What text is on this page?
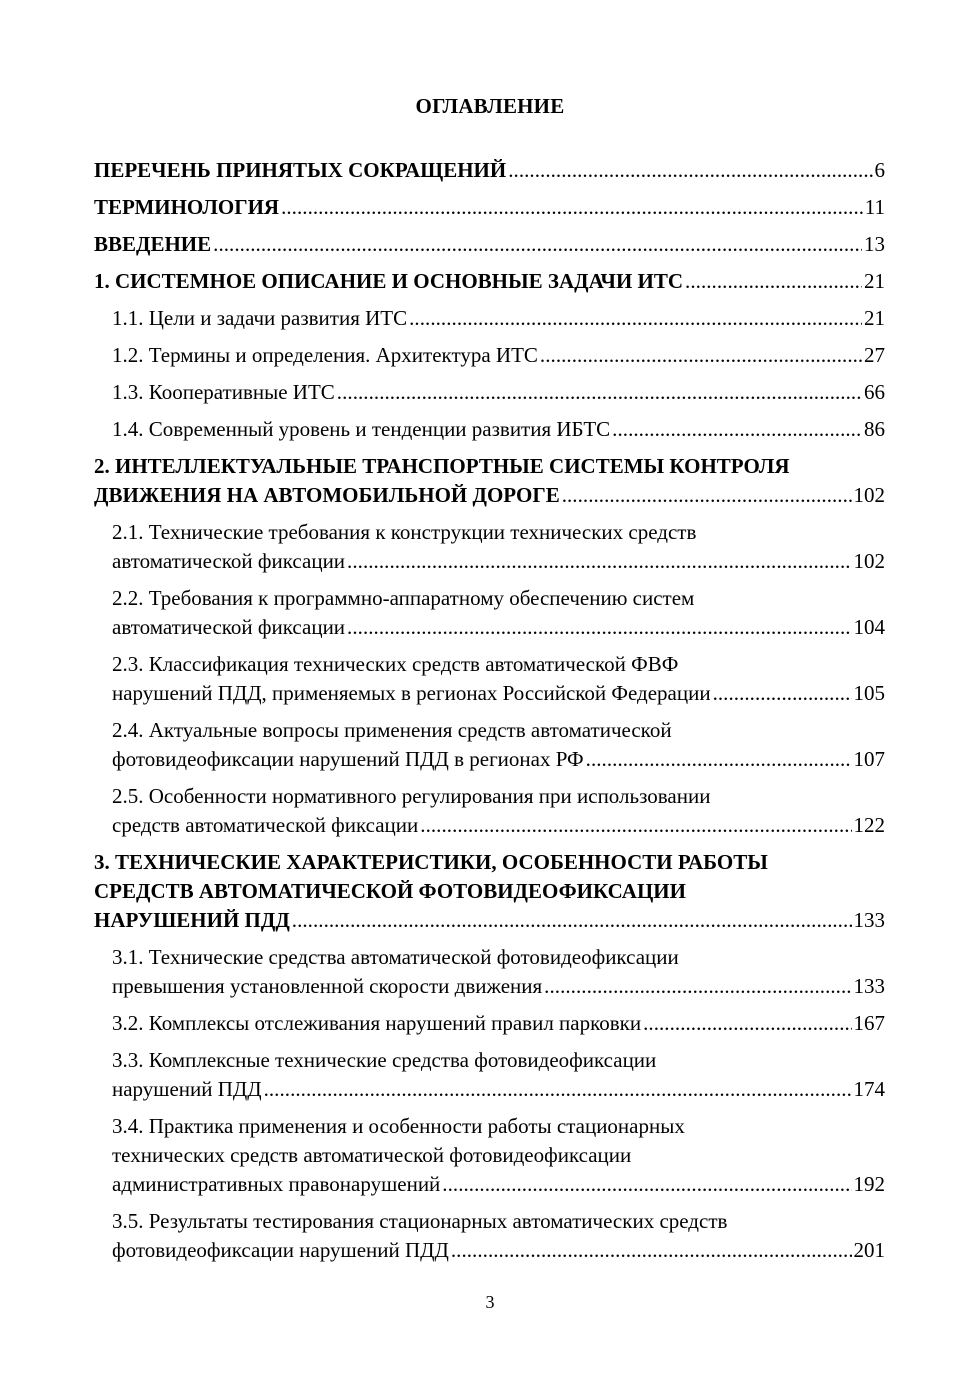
ОГЛАВЛЕНИЕ
ПЕРЕЧЕНЬ ПРИНЯТЫХ СОКРАЩЕНИЙ . . .	6
ТЕРМИНОЛОГИЯ . . .	11
ВВЕДЕНИЕ . . .	13
1. СИСТЕМНОЕ ОПИСАНИЕ И ОСНОВНЫЕ ЗАДАЧИ ИТС . . .	21
1.1. Цели и задачи развития ИТС . . .	21
1.2. Термины и определения. Архитектура ИТС . . .	27
1.3. Кооперативные ИТС . . .	66
1.4. Современный уровень и тенденции развития ИБТС . . .	86
2. ИНТЕЛЛЕКТУАЛЬНЫЕ ТРАНСПОРТНЫЕ СИСТЕМЫ КОНТРОЛЯ
ДВИЖЕНИЯ НА АВТОМОБИЛЬНОЙ ДОРОГЕ . . .	102
2.1. Технические требования к конструкции технических средств
автоматической фиксации . . .	102
2.2. Требования к программно-аппаратному обеспечению систем
автоматической фиксации . . .	104
2.3. Классификация технических средств автоматической ФВФ
нарушений ПДД, применяемых в регионах Российской Федерации . . .	105
2.4. Актуальные вопросы применения средств автоматической
фотовидеофиксации нарушений ПДД в регионах РФ . . .	107
2.5. Особенности нормативного регулирования при использовании
средств автоматической фиксации . . .	122
3. ТЕХНИЧЕСКИЕ ХАРАКТЕРИСТИКИ, ОСОБЕННОСТИ РАБОТЫ
СРЕДСТВ АВТОМАТИЧЕСКОЙ ФОТОВИДЕОФИКСАЦИИ
НАРУШЕНИЙ ПДД . . .	133
3.1. Технические средства автоматической фотовидеофиксации
превышения установленной скорости движения . . .	133
3.2. Комплексы отслеживания нарушений правил парковки . . .	167
3.3. Комплексные технические средства фотовидеофиксации
нарушений ПДД . . .	174
3.4. Практика применения и особенности работы стационарных
технических средств автоматической фотовидеофиксации
административных правонарушений . . .	192
3.5. Результаты тестирования стационарных автоматических средств
фотовидеофиксации нарушений ПДД . . .	201
3
